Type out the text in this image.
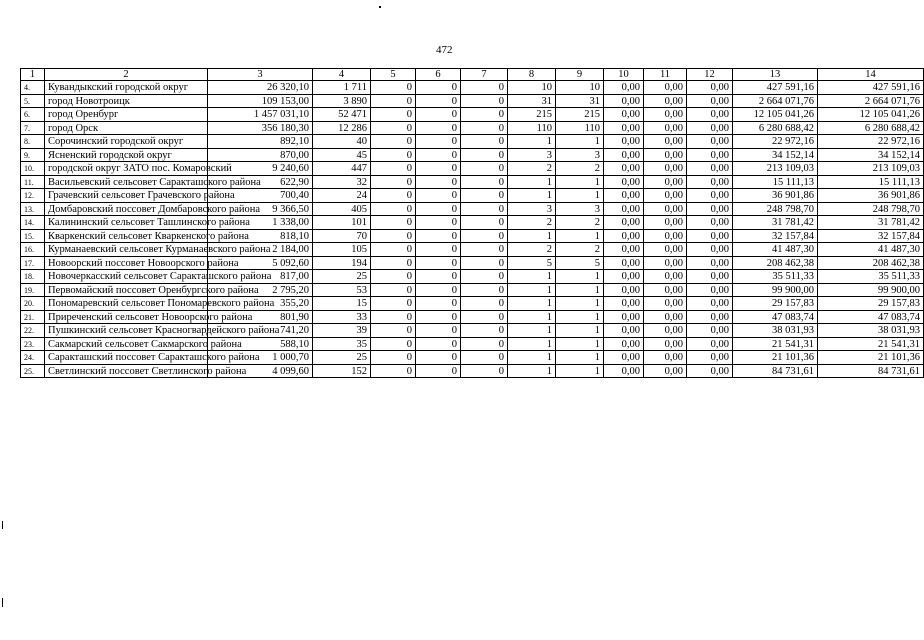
472
1	2	3	4	5	6	7	8	9	10	11	12	13	14
4.	Кувандыкский городской округ	26 320,10	1 711	0	0	0	10	10	0,00	0,00	0,00	427 591,16	427 591,16
5.	город Новотроицк	109 153,00	3 890	0	0	0	31	31	0,00	0,00	0,00	2 664 071,76	2 664 071,76
6.	город Оренбург	1 457 031,10	52 471	0	0	0	215	215	0,00	0,00	0,00	12 105 041,26	12 105 041,26
7.	город Орск	356 180,30	12 286	0	0	0	110	110	0,00	0,00	0,00	6 280 688,42	6 280 688,42
8.	Сорочинский городской округ	892,10	40	0	0	0	1	1	0,00	0,00	0,00	22 972,16	22 972,16
9.	Ясненский городской округ	870,00	45	0	0	0	3	3	0,00	0,00	0,00	34 152,14	34 152,14
10.	городской округ ЗАТО пос. Комаровский	9 240,60	447	0	0	0	2	2	0,00	0,00	0,00	213 109,03	213 109,03
11.	Васильевский сельсовет Саракташского района	622,90	32	0	0	0	1	1	0,00	0,00	0,00	15 111,13	15 111,13
12.	Грачевский сельсовет Грачевского района	700,40	24	0	0	0	1	1	0,00	0,00	0,00	36 901,86	36 901,86
13.	Домбаровский поссовет Домбаровского района	9 366,50	405	0	0	0	3	3	0,00	0,00	0,00	248 798,70	248 798,70
14.	Калининский сельсовет Ташлинского района	1 338,00	101	0	0	0	2	2	0,00	0,00	0,00	31 781,42	31 781,42
15.	Кваркенский сельсовет Кваркенского района	818,10	70	0	0	0	1	1	0,00	0,00	0,00	32 157,84	32 157,84
16.	Курманаевский сельсовет Курманаевского района	2 184,00	105	0	0	0	2	2	0,00	0,00	0,00	41 487,30	41 487,30
17.	Новоорский поссовет Новоорского района	5 092,60	194	0	0	0	5	5	0,00	0,00	0,00	208 462,38	208 462,38
18.	Новочеркасский сельсовет Саракташского района	817,00	25	0	0	0	1	1	0,00	0,00	0,00	35 511,33	35 511,33
19.	Первомайский поссовет Оренбургского района	2 795,20	53	0	0	0	1	1	0,00	0,00	0,00	99 900,00	99 900,00
20.	Пономаревский сельсовет Пономаревского района	355,20	15	0	0	0	1	1	0,00	0,00	0,00	29 157,83	29 157,83
21.	Приреченский сельсовет Новоорского района	801,90	33	0	0	0	1	1	0,00	0,00	0,00	47 083,74	47 083,74
22.	Пушкинский сельсовет Красногвардейского района	741,20	39	0	0	0	1	1	0,00	0,00	0,00	38 031,93	38 031,93
23.	Сакмарский сельсовет Сакмарского района	588,10	35	0	0	0	1	1	0,00	0,00	0,00	21 541,31	21 541,31
24.	Саракташский поссовет Саракташского района	1 000,70	25	0	0	0	1	1	0,00	0,00	0,00	21 101,36	21 101,36
25.	Светлинский поссовет Светлинского района	4 099,60	152	0	0	0	1	1	0,00	0,00	0,00	84 731,61	84 731,61
